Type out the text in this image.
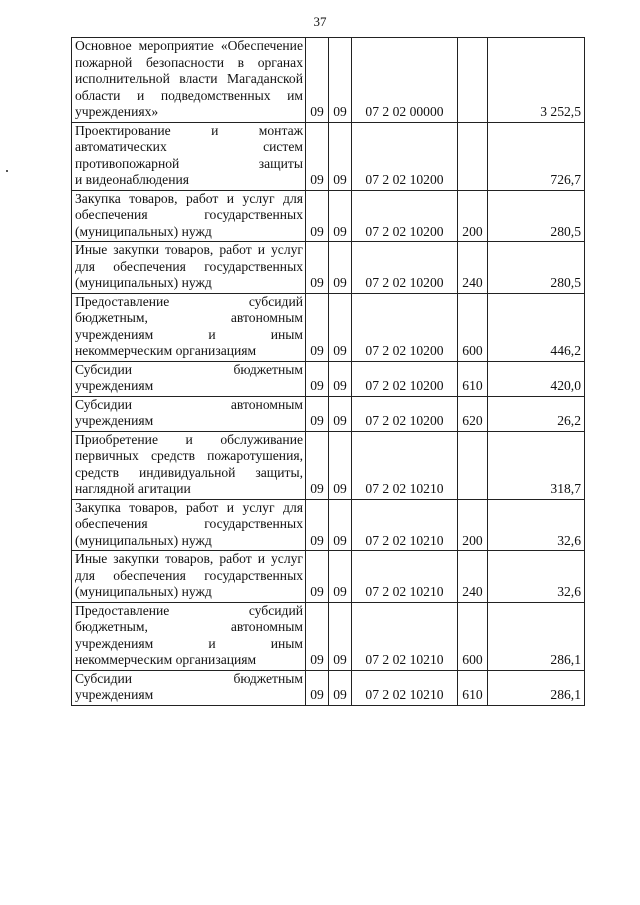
37
Основное мероприятие «Обеспечение пожарной безопасности в органах исполнительной власти Магаданской области и подведомственных им
учреждениях»	09	09	07 2 02 00000		3 252,5
Проектирование и монтаж автоматических систем противопожарной защиты
и видеонаблюдения	09	09	07 2 02 10200		726,7
Закупка товаров, работ и услуг для обеспечения государственных
(муниципальных) нужд	09	09	07 2 02 10200	200	280,5
Иные закупки товаров, работ и услуг для обеспечения государственных
(муниципальных) нужд	09	09	07 2 02 10200	240	280,5
Предоставление субсидий бюджетным, автономным учреждениям и иным
некоммерческим организациям	09	09	07 2 02 10200	600	446,2
Субсидии бюджетным
учреждениям	09	09	07 2 02 10200	610	420,0
Субсидии автономным
учреждениям	09	09	07 2 02 10200	620	26,2
Приобретение и обслуживание первичных средств пожаротушения, средств индивидуальной защиты,
наглядной агитации	09	09	07 2 02 10210		318,7
Закупка товаров, работ и услуг для обеспечения государственных
(муниципальных) нужд	09	09	07 2 02 10210	200	32,6
Иные закупки товаров, работ и услуг для обеспечения государственных
(муниципальных) нужд	09	09	07 2 02 10210	240	32,6
Предоставление субсидий бюджетным, автономным учреждениям и иным
некоммерческим организациям	09	09	07 2 02 10210	600	286,1
Субсидии бюджетным
учреждениям	09	09	07 2 02 10210	610	286,1
